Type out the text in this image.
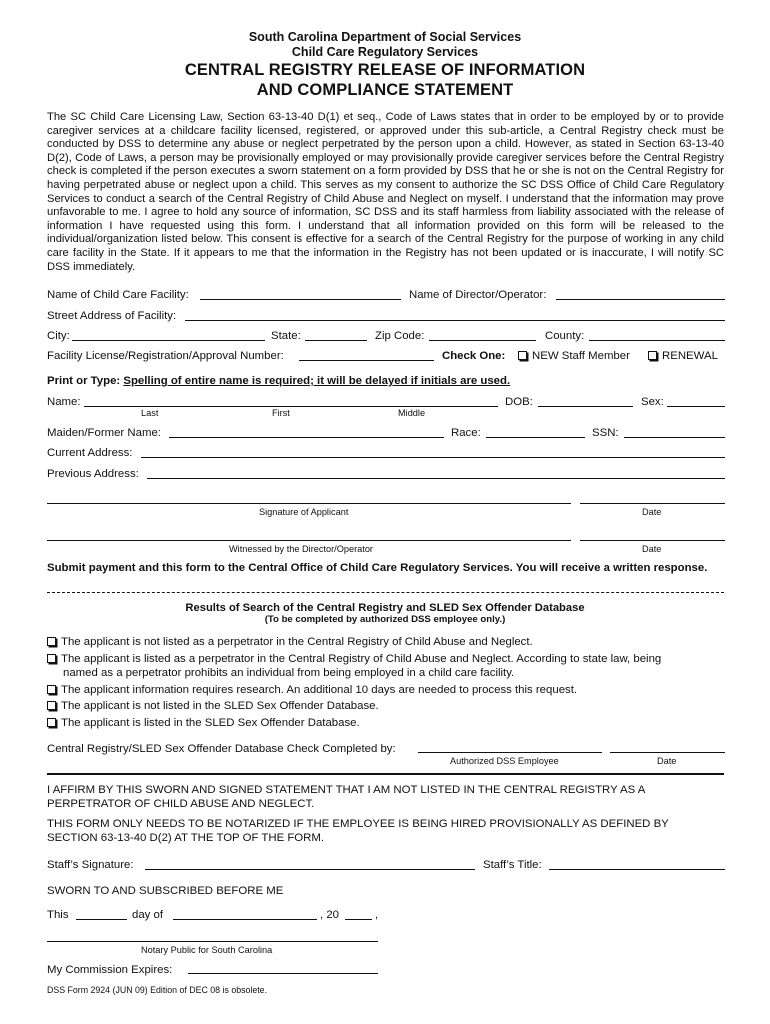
South Carolina Department of Social Services
Child Care Regulatory Services
CENTRAL REGISTRY RELEASE OF INFORMATION
AND COMPLIANCE STATEMENT
The SC Child Care Licensing Law, Section 63-13-40 D(1) et seq., Code of Laws states that in order to be employed by or to provide caregiver services at a childcare facility licensed, registered, or approved under this sub-article, a Central Registry check must be conducted by DSS to determine any abuse or neglect perpetrated by the person upon a child. However, as stated in Section 63-13-40 D(2), Code of Laws, a person may be provisionally employed or may provisionally provide caregiver services before the Central Registry check is completed if the person executes a sworn statement on a form provided by DSS that he or she is not on the Central Registry for having perpetrated abuse or neglect upon a child. This serves as my consent to authorize the SC DSS Office of Child Care Regulatory Services to conduct a search of the Central Registry of Child Abuse and Neglect on myself. I understand that the information may prove unfavorable to me. I agree to hold any source of information, SC DSS and its staff harmless from liability associated with the release of information I have requested using this form. I understand that all information provided on this form will be released to the individual/organization listed below. This consent is effective for a search of the Central Registry for the purpose of working in any child care facility in the State. If it appears to me that the information in the Registry has not been updated or is inaccurate, I will notify SC DSS immediately.
Name of Child Care Facility:	Name of Director/Operator:
Street Address of Facility:
City:	State:	Zip Code:	County:
Facility License/Registration/Approval Number:	Check One:	NEW Staff Member	RENEWAL
Print or Type: Spelling of entire name is required; it will be delayed if initials are used.
Name:	DOB:	Sex:
Last	First	Middle
Maiden/Former Name:	Race:	SSN:
Current Address:
Previous Address:
Signature of Applicant	Date
Witnessed by the Director/Operator	Date
Submit payment and this form to the Central Office of Child Care Regulatory Services. You will receive a written response.
Results of Search of the Central Registry and SLED Sex Offender Database
(To be completed by authorized DSS employee only.)
The applicant is not listed as a perpetrator in the Central Registry of Child Abuse and Neglect.
The applicant is listed as a perpetrator in the Central Registry of Child Abuse and Neglect. According to state law, being
named as a perpetrator prohibits an individual from being employed in a child care facility.
The applicant information requires research. An additional 10 days are needed to process this request.
The applicant is not listed in the SLED Sex Offender Database.
The applicant is listed in the SLED Sex Offender Database.
Central Registry/SLED Sex Offender Database Check Completed by:
Authorized DSS Employee	Date
I AFFIRM BY THIS SWORN AND SIGNED STATEMENT THAT I AM NOT LISTED IN THE CENTRAL REGISTRY AS A
PERPETRATOR OF CHILD ABUSE AND NEGLECT.
THIS FORM ONLY NEEDS TO BE NOTARIZED IF THE EMPLOYEE IS BEING HIRED PROVISIONALLY AS DEFINED BY
SECTION 63-13-40 D(2) AT THE TOP OF THE FORM.
Staff’s Signature:	Staff’s Title:
SWORN TO AND SUBSCRIBED BEFORE ME
This	day of	, 20	,
Notary Public for South Carolina
My Commission Expires:
DSS Form 2924 (JUN 09) Edition of DEC 08 is obsolete.
